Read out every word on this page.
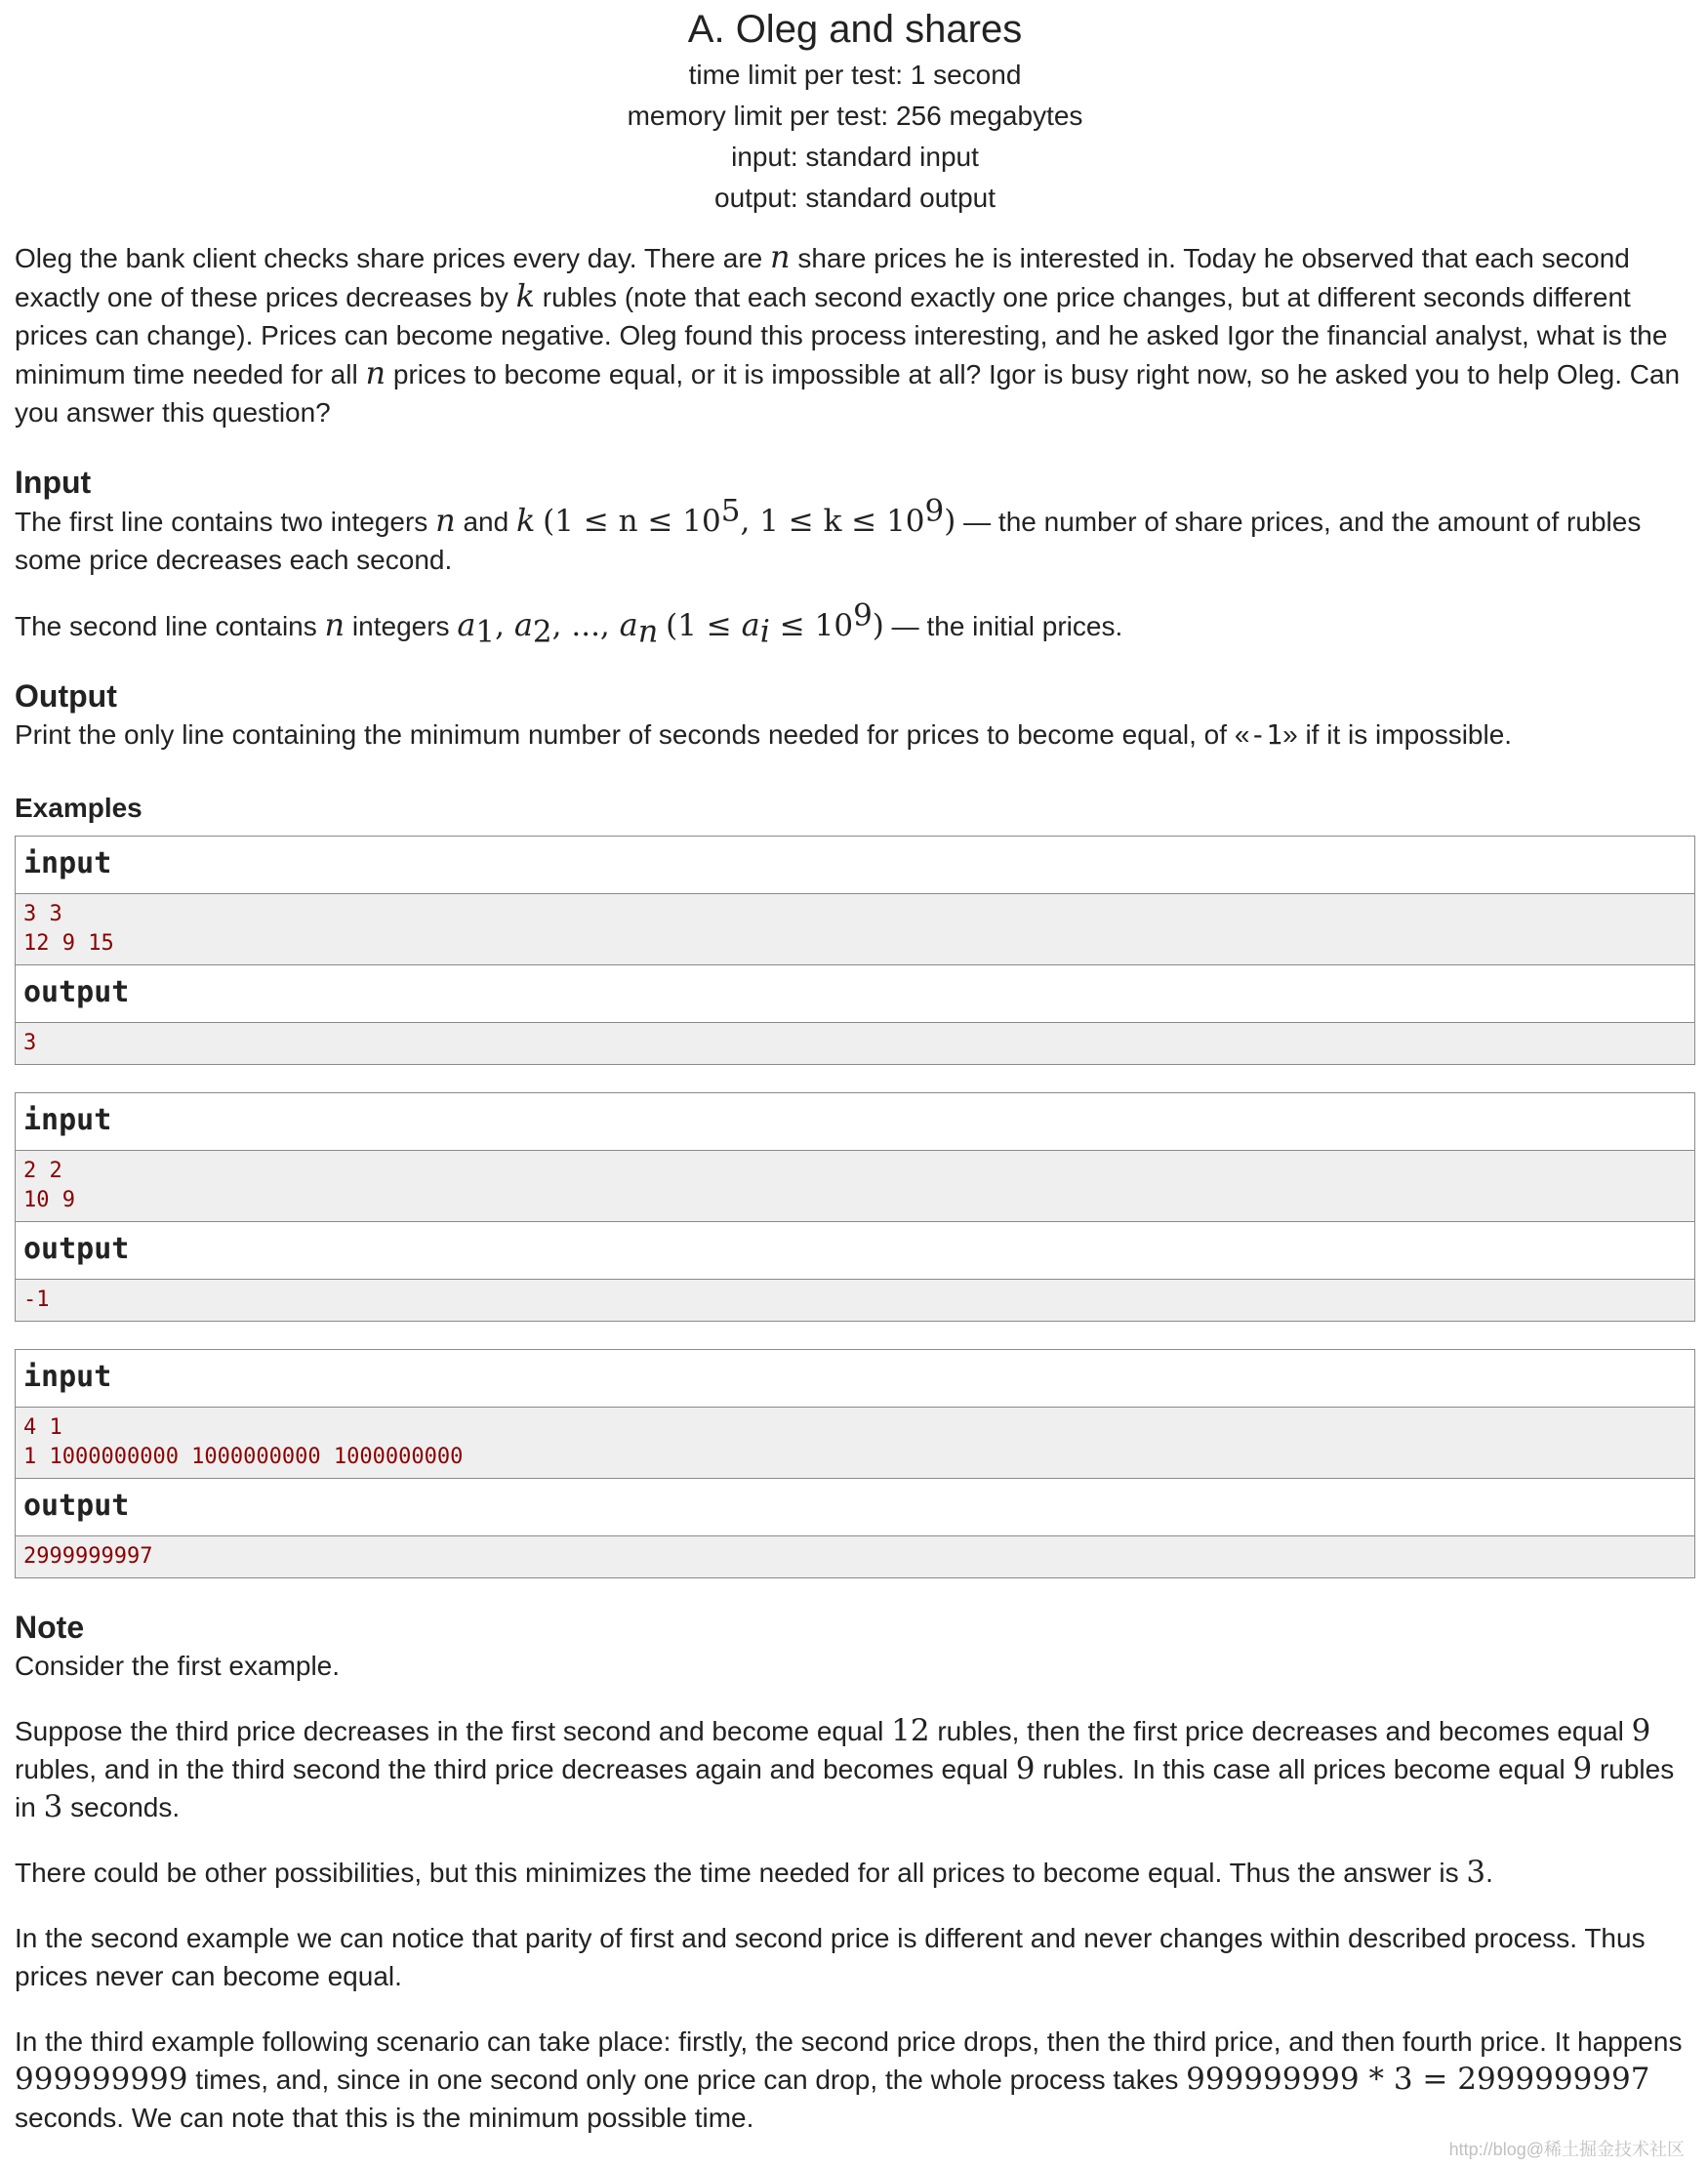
A. Oleg and shares
time limit per test: 1 second
memory limit per test: 256 megabytes
input: standard input
output: standard output

Oleg the bank client checks share prices every day. There are n share prices he is interested in. Today he observed that each second exactly one of these prices decreases by k rubles (note that each second exactly one price changes, but at different seconds different prices can change). Prices can become negative. Oleg found this process interesting, and he asked Igor the financial analyst, what is the minimum time needed for all n prices to become equal, or it is impossible at all? Igor is busy right now, so he asked you to help Oleg. Can you answer this question?

Input

The first line contains two integers n and k ($1 \le n \le 10^5$, $1 \le k \le 10^9$) — the number of share prices, and the amount of rubles some price decreases each second.

The second line contains n integers $a_1$, $a_2$, ..., $a_n$ $(1 \le a_i \le 10^9)$ — the initial prices.

Output

Print the only line containing the minimum number of seconds needed for prices to become equal, of «-1» if it is impossible.

Examples
input
3 3
12 9 15
output
3
input
2 2
10 9
output
-1
input
4 1
1 1000000000 1000000000 1000000000
output
2999999997
Note

Consider the first example.

Suppose the third price decreases in the first second and become equal 12 rubles, then the first price decreases and becomes equal 9 rubles, and in the third second the third price decreases again and becomes equal 9 rubles. In this case all prices become equal 9 rubles in 3 seconds.

There could be other possibilities, but this minimizes the time needed for all prices to become equal. Thus the answer is 3.

In the second example we can notice that parity of first and second price is different and never changes within described process. Thus prices never can become equal.

In the third example following scenario can take place: firstly, the second price drops, then the third price, and then fourth price. It happens 999999999 times, and, since in one second only one price can drop, the whole process takes 999999999 * 3 = 2999999997 seconds. We can note that this is the minimum possible time.

http://blog@稀土掘金技术社区
